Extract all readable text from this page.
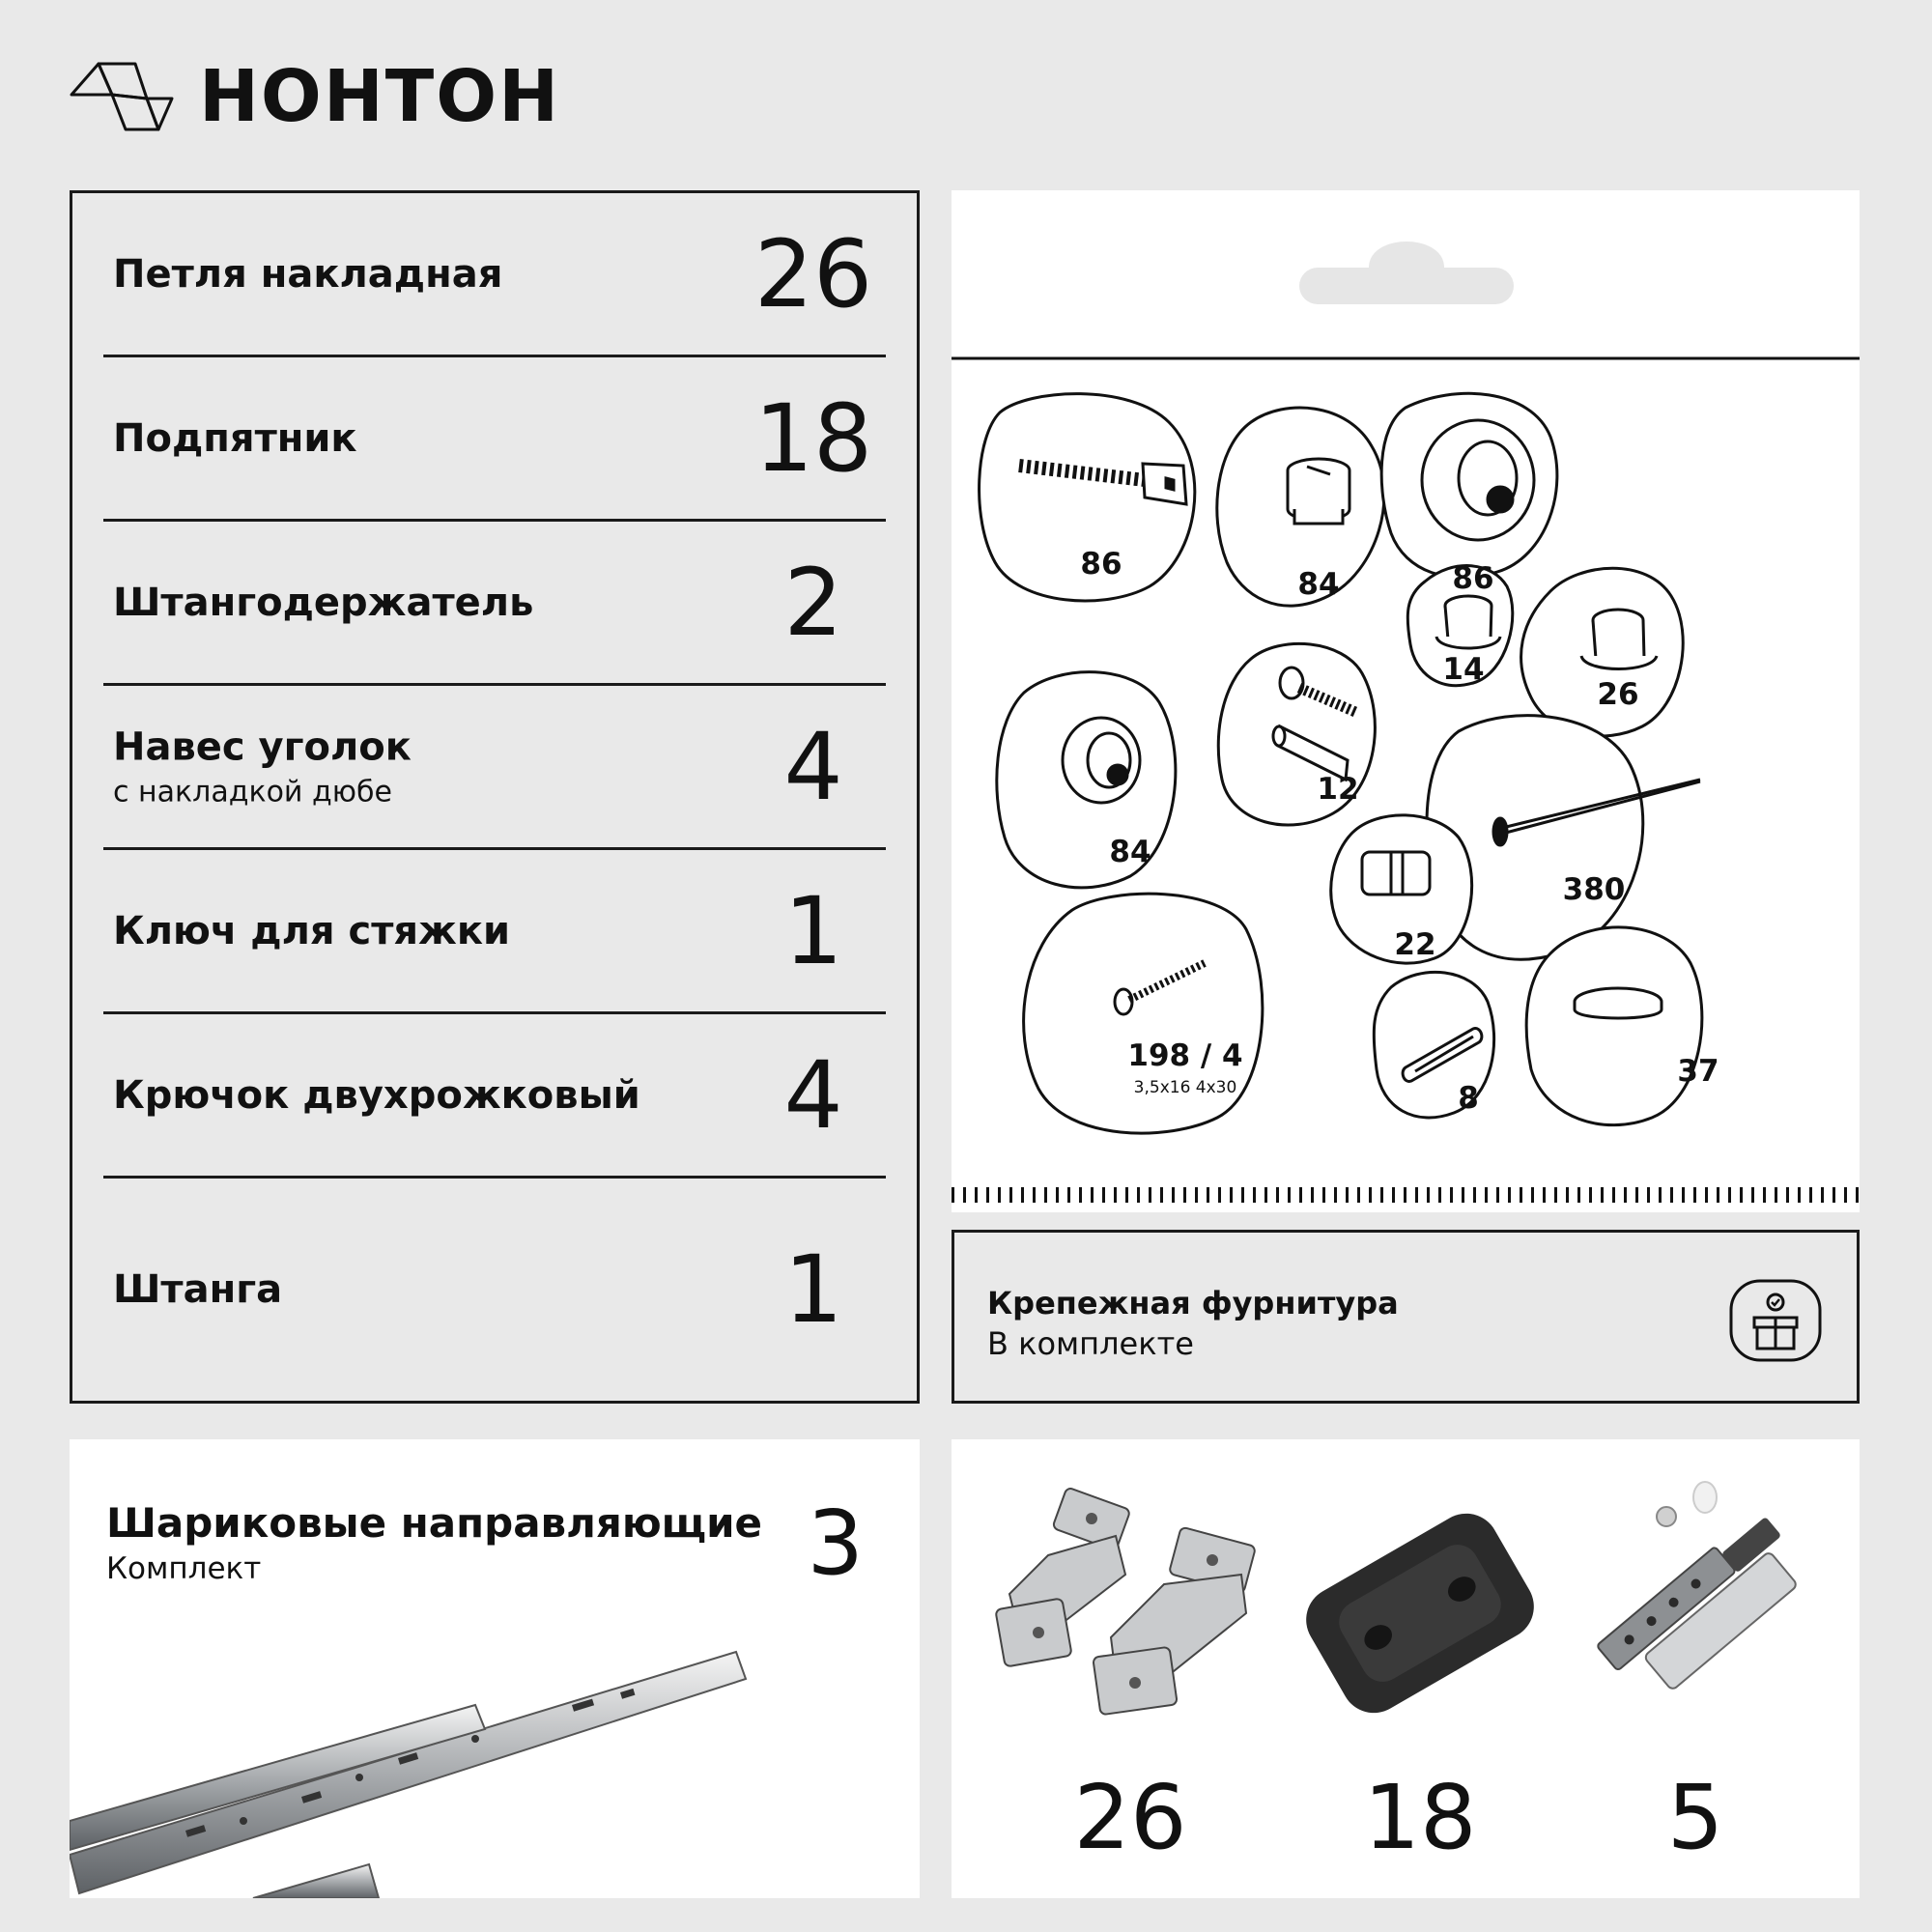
НОНТОН
Петля накладная	26
Подпятник	18
Штангодержатель	2
Навес уголок
с накладкой дюбе	4
Ключ для стяжки	1
Крючок двухрожковый	4
Штанга	1
86
84	86
14
26
84
12
380
22
198 / 4
3,5x16 4x30	8
37
Крепежная фурнитура
В комплекте
Шариковые направляющие
Комплект	3
26	18	5
